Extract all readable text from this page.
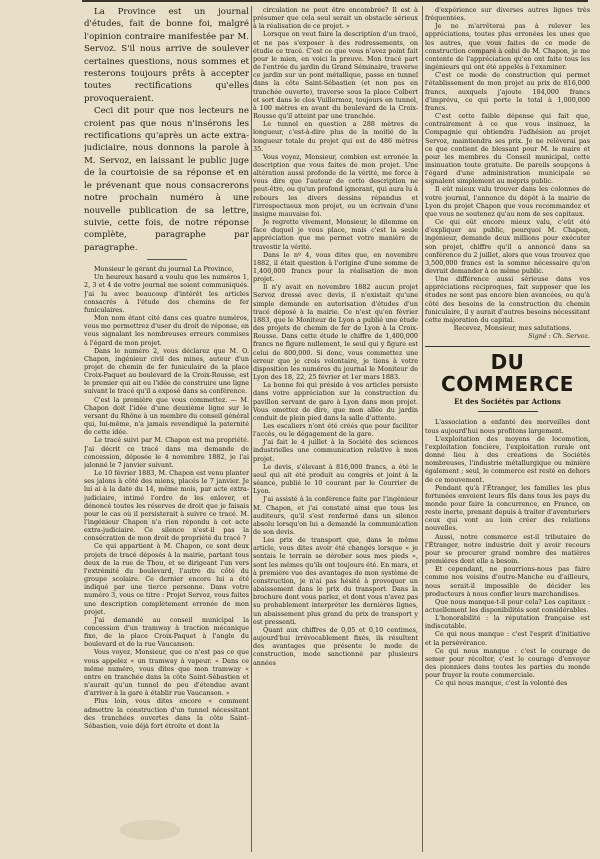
La Province est un journal d'études, fait de bonne foi, malgré l'opinion contraire manifestée par M. Servoz. S'il nous arrive de soulever certaines questions, nous sommes et resterons toujours prêts à accepter toutes rectifications qu'elles provoqueraient.

Ceci dit pour que nos lecteurs ne croient pas que nous n'insérons les rectifications qu'après un acte extra-judiciaire, nous donnons la parole à M. Servoz, en laissant le public juge de la courtoisie de sa réponse et en le prévenant que nous consacrerons notre prochain numéro à une nouvelle publication de sa lettre, suivie, cette fois, de notre réponse complète, paragraphe par paragraphe.

Monsieur le gérant du journal La Province,

Un heureux hasard a voulu que les numéros 1, 2, 3 et 4 de votre journal me soient communiqués. J'ai lu avec beaucoup d'intérêt les articles consacrés à l'étude des chemins de fer funiculaires.

Mon nom étant cité dans ces quatre numéros, vous me permettrez d'user du droit de réponse, en vous signalant les nombreuses erreurs commises à l'égard de mon projet.

Dans le numéro 2, vous déclarez que M. O. Chapon, ingénieur civil des mines, auteur d'un projet de chemin de fer funiculaire de la place Croix-Paquet au boulevard de la Croix-Rousse, est le premier qui ait eu l'idée de construire une ligne suivant le tracé qu'il a exposé dans sa conférence.

C'est la première que vous commettez. — M. Chapon doit l'idée d'une deuxième ligne sur le versant du Rhône à un membre du conseil général qui, lui-même, n'a jamais revendiqué la paternité de cette idée.

Le tracé suivi par M. Chapon est ma propriété. J'ai décrit ce tracé dans ma demande de concession, déposée le 4 novembre 1882, je l'ai jalonné le 7 janvier suivant.

Le 10 février 1883, M. Chapon est venu planter ses jalons à côté des miens, placés le 7 janvier. Je lui ai à la date du 14, même mois, par acte extra-judiciaire, intimé l'ordre de les enlever, et dénoncé toutes les réserves de droit que je faisais pour le cas où il persisterait à suivre ce tracé. M. l'ingénieur Chapon n'a rien répondu à cet acte extra-judiciaire. Ce silence n'est-il pas la consécration de mon droit de propriété du tracé ?

Ce qui appartient à M. Chapon, ce sont deux projets de tracé déposés à la mairie, partant tous deux de la rue de Thou, et se dirigeant l'un vers l'extrémité du boulevard, l'autre du côté du groupe scolaire. Ce dernier encore lui a été indiqué par une tierce personne. Dans votre numéro 3, vous ce titre : Projet Servoz, vous faites une description complètement erronée de mon projet.

J'ai demandé au conseil municipal la concession d'un tramway à traction mécanique fixe, de la place Croix-Paquet à l'angle du boulevard et de la rue Vaucanson.

Vous voyez, Monsieur, que ce n'est pas ce que vous appelez « un tramway à vapeur. » Dans ce même numéro, vous dites que mon tramway « entre en tranchée dans la côte Saint-Sébastien et n'aurait qu'un tunnel de peu d'étendue avant d'arriver à la gare à établir rue Vaucanson. »

Plus loin, vous dites encore « comment admettre la construction d'un tunnel nécessitant des tranchées ouvertes dans la côte Saint-Sébastien, voie déjà fort étroite et dont la

circulation ne peut être encombrée? Il est à présumer que cela seul serait un obstacle sérieux à la réalisation de ce projet. »

Lorsque on veut faire la description d'un tracé, et ne pas s'exposer à des redressements, on étudie ce tracé. C'est ce que vous n'avez point fait pour le mien, en voici la preuve. Mon tracé part de l'entrée du jardin du Grand Séminaire, traverse ce jardin sur un pont métallique, passe en tunnel dans la côte Saint-Sébastien (et non pas en tranchée ouverte), traverse sous la place Colbert et sort dans le clos Vuillermoz, toujours en tunnel, à 100 mètres en avant du boulevard de la Croix-Rousse qu'il atteint par une tranchée.

Le tunnel en question a 288 mètres de longueur, c'est-à-dire plus de la moitié de la longueur totale du projet qui est de 486 mètres 35.

Vous voyez, Monsieur, combien est erronée la description que vous faites de mon projet. Une altération aussi profonde de la vérité, me force à vous dire que l'auteur de cette description ne peut-être, ou qu'un profond ignorant, qui aura lu à rebours les divers dessins répandus et l'irrespectueux mon projet, ou un écrivain d'une insigne mauvaise foi.

Je regrette vivement, Monsieur, le dilemme en face duquel je vous place, mais c'est la seule appréciation que me permet votre manière de travestir la vérité.

Dans le nº 4, vous dites que, en novembre 1882, il était question à l'origine d'une somme de 1,400,000 francs pour la réalisation de mon projet.

Il n'y avait en novembre 1882 aucun projet Servoz dressé avec devis, il n'existait qu'une simple demande en autorisation d'études d'un tracé déposé à la mairie. Ce n'est qu'en février 1883, que le Moniteur de Lyon a publié une étude des projets de chemin de fer de Lyon à la Croix-Rousse. Dans cette étude le chiffre de 1,400,000 francs ne figure nullement, le seul qui y figure est celui de 800,000. Si donc, vous commettez une erreur que je crois volontaire, je tiens à votre disposition les numéros du journal le Moniteur de Lyon des 18, 22, 25 février et 1er mars 1883.

La bonne foi qui préside à vos articles persiste dans votre appréciation sur la construction du pavillon servant de gare à Lyon dans mon projet. Vous omettez de dire, que mon allée du jardin conduit de plein pied dans la salle d'attente.

Les escaliers n'ont été créés que pour faciliter l'accès, ou le dégagement de la gare.

J'ai fait le 4 juillet à la Société des sciences industrielles une communication relative à mon projet.

Le devis, s'élevant à 816,000 francs, a été le seul qui ait été produit au congrès et joint à la séance, publié le 10 courant par le Courrier de Lyon.

J'ai assisté à la conférence faite par l'ingénieur M. Chapon, et j'ai constaté ainsi que tous les auditeurs, qu'il s'est renfermé dans un silence absolu lorsqu'on lui a demandé la communication de son devis.

Les prix de transport que, dans le même article, vous dites avoir été changés lorsque « je sentais le terrain se dérober sous mes pieds », sont les mêmes qu'ils ont toujours été. En mars, et à première vue des avantages de mon système de construction, je n'ai pas hésité à provoquer un abaissement dans le prix du transport. Dans la brochure dont vous parlez, et dont vous n'avez pas su probablement interpréter les dernières lignes, un abaissement plus grand du prix de transport y est pressenti.

Quant aux chiffres de 0,05 et 0,10 centimes, aujourd'hui irrévocablement fixés, ils résultent des avantages que présente le mode de construction, mode sanctionné par plusieurs années

d'expérience sur diverses autres lignes très fréquentées.

Je ne m'arrêterai pas à relever les appréciations, toutes plus erronées les unes que les autres, que vous faites de ce mode de construction comparé à celui de M. Chapon, je me contente de l'appréciation qu'en ont faite tous les ingénieurs qui ont été appelés à l'examiner.

C'est ce mode de construction qui permet l'établissement de mon projet au prix de 816,000 francs, auxquels j'ajoute 184,000 francs d'imprévu, ce qui porte le total à 1,000,000 francs.

C'est cette faible dépense qui fait que, contrairement à ce que vous insinuez, la Compagnie qui obtiendra l'adhésion au projet Servoz, maintiendra ses prix. Je ne relèverai pas ce que contient de blessant pour M. le maire et pour les membres du Conseil municipal, cette insinuation toute gratuite. De pareils soupçons à l'égard d'une administration municipale se signalent simplement au mépris public.

Il eût mieux valu trouver dans les colonnes de votre journal, l'annonce du dépôt à la mairie de Lyon du projet Chapon que vous recommandez et que vous ne soutenez qu'au nom de ses capitaux.

Ce qui eût encore mieux valu, c'eût été d'expliquer au public, pourquoi M. Chapon, ingénieur, demande deux millions pour exécuter son projet, chiffre qu'il a annoncé dans sa conférence du 2 juillet, alors que vous trouvez que 3,500,000 francs est la somme nécessaire qu'on devrait demander à ce même public.

Une différence aussi sérieuse dans vos appréciations réciproques, fait supposer que les études ne sont pas encore bien avancées, ou qu'à côté des besoins de la construction du chemin funiculaire, il y aurait d'autres besoins nécessitant cette majoration du capital.

Recevez, Monsieur, mes salutations.

Signé : Ch. Servoz.

DU COMMERCE
Et des Sociétés par Actions

L'association a enfanté des merveilles dont tous aujourd'hui nous profitons largement.

L'exploitation des moyens de locomotion, l'exploitation foncière, l'exploitation rurale ont donné lieu à des créations de Sociétés nombreuses, l'industrie métallurgique ou minière également ; seul, le commerce est resté en dehors de ce mouvement.

Pendant qu'à l'Étranger, les familles les plus fortunées envoient leurs fils dans tous les pays du monde pour faire la concurrence, en France, on reste inerte, prenant depuis à traiter d'aventuriers ceux qui vont au loin créer des relations nouvelles.

Aussi, notre commerce est-il tributaire de l'Étranger, notre industrie doit y avoir recours pour se procurer grand nombre des matières premières dont elle a besoin.

Et cependant, ne pourrions-nous pas faire comme nos voisins d'outre-Manche ou d'ailleurs, nous serait-il impossible de décider les producteurs à nous confier leurs marchandises.

Que nous manque-t-il pour cela? Les capitaux : actuellement les disponibilités sont considérables.

L'honorabilité : la réputation française est indiscutable.

Ce qui nous manque : c'est l'esprit d'initiative et la persévérance.

Ce qui nous manque : c'est le courage de semer pour récolter, c'est le courage d'envoyer des pionniers dans toutes les parties du monde pour frayer la route commerciale.

Ce qui nous manque, c'est la volonté des
